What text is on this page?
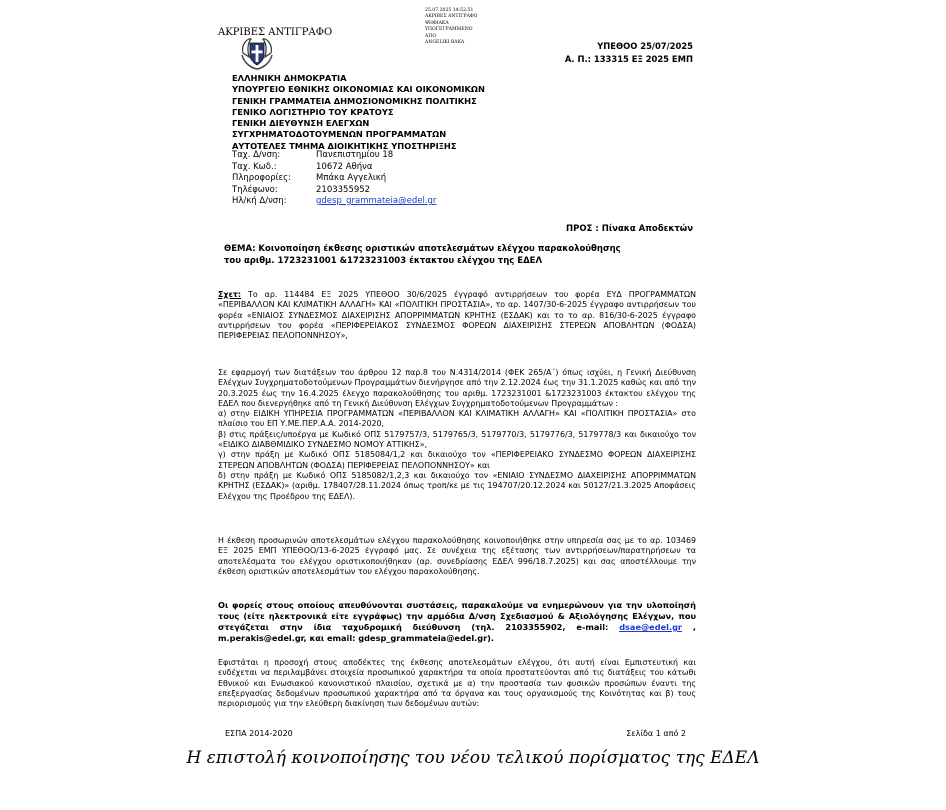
ΑΚΡΙΒΕΣ ΑΝΤΙΓΡΑΦΟ
25.07.2025 14:52:51
ΑΚΡΙΒΕΣ ΑΝΤΙΓΡΑΦΟ
ΨΗΦΙΑΚΑ
ΥΠΟΓΕΓΡΑΜΜΕΝΟ
ΑΠΟ
ANGELIKI BAKA	ΥΠΕΘΟΟ 25/07/2025
Α. Π.: 133315 ΕΞ 2025 ΕΜΠ
ΕΛΛΗΝΙΚΗ ΔΗΜΟΚΡΑΤΙΑ
ΥΠΟΥΡΓΕΙΟ ΕΘΝΙΚΗΣ ΟΙΚΟΝΟΜΙΑΣ ΚΑΙ ΟΙΚΟΝΟΜΙΚΩΝ
ΓΕΝΙΚΗ ΓΡΑΜΜΑΤΕΙΑ ΔΗΜΟΣΙΟΝΟΜΙΚΗΣ ΠΟΛΙΤΙΚΗΣ
ΓΕΝΙΚΟ ΛΟΓΙΣΤΗΡΙΟ ΤΟΥ ΚΡΑΤΟΥΣ
ΓΕΝΙΚΗ ΔΙΕΥΘΥΝΣΗ ΕΛΕΓΧΩΝ
ΣΥΓΧΡΗΜΑΤΟΔΟΤΟΥΜΕΝΩΝ ΠΡΟΓΡΑΜΜΑΤΩΝ
ΑΥΤΟΤΕΛΕΣ ΤΜΗΜΑ ΔΙΟΙΚΗΤΙΚΗΣ ΥΠΟΣΤΗΡΙΞΗΣ
Ταχ. Δ/νση:	Πανεπιστημίου 18
Ταχ. Κωδ.:	10672 Αθήνα
Πληροφορίες:	Μπάκα Αγγελική
Τηλέφωνο:	2103355952
Ηλ/κή Δ/νση:	gdesp_grammateia@edel.gr
ΠΡΟΣ : Πίνακα Αποδεκτών
ΘΕΜΑ: Κοινοποίηση έκθεσης οριστικών αποτελεσμάτων ελέγχου παρακολούθησης
του αριθμ. 1723231001 &1723231003 έκτακτου ελέγχου της ΕΔΕΛ

Σχετ: Το αρ. 114484 ΕΞ 2025 ΥΠΕΘΟΟ 30/6/2025 έγγραφό αντιρρήσεων του φορέα ΕΥΔ ΠΡΟΓΡΑΜΜΑΤΩΝ «ΠΕΡΙΒΑΛΛΟΝ ΚΑΙ ΚΛΙΜΑΤΙΚΗ ΑΛΛΑΓΗ» ΚΑΙ «ΠΟΛΙΤΙΚΗ ΠΡΟΣΤΑΣΙΑ», το αρ. 1407/30-6-2025 έγγραφο αντιρρήσεων του φορέα «ΕΝΙΑΙΟΣ ΣΥΝΔΕΣΜΟΣ ΔΙΑΧΕΙΡΙΣΗΣ ΑΠΟΡΡΙΜΜΑΤΩΝ ΚΡΗΤΗΣ (ΕΣΔΑΚ) και το το αρ. 816/30-6-2025 έγγραφο αντιρρήσεων του φορέα «ΠΕΡΙΦΕΡΕΙΑΚΟΣ ΣΥΝΔΕΣΜΟΣ ΦΟΡΕΩΝ ΔΙΑΧΕΙΡΙΣΗΣ ΣΤΕΡΕΩΝ ΑΠΟΒΛΗΤΩΝ (ΦΟΔΣΑ) ΠΕΡΙΦΕΡΕΙΑΣ ΠΕΛΟΠΟΝΝΗΣΟΥ»,

Σε εφαρμογή των διατάξεων του άρθρου 12 παρ.8 του Ν.4314/2014 (ΦΕΚ 265/Α΄) όπως ισχύει, η Γενική Διεύθυνση Ελέγχων Συγχρηματοδοτούμενων Προγραμμάτων διενήργησε από την 2.12.2024 έως την 31.1.2025 καθώς και από την 20.3.2025 έως την 16.4.2025 έλεγχο παρακολούθησης του αριθμ. 1723231001 &1723231003 έκτακτου ελέγχου της ΕΔΕΛ που διενεργήθηκε από τη Γενική Διεύθυνση Ελέγχων Συγχρηματοδοτούμενων Προγραμμάτων :

α) στην ΕΙΔΙΚΗ ΥΠΗΡΕΣΙΑ ΠΡΟΓΡΑΜΜΑΤΩΝ «ΠΕΡΙΒΑΛΛΟΝ ΚΑΙ ΚΛΙΜΑΤΙΚΗ ΑΛΛΑΓΗ» ΚΑΙ «ΠΟΛΙΤΙΚΗ ΠΡΟΣΤΑΣΙΑ» στο πλαίσιο του ΕΠ Υ.ΜΕ.ΠΕΡ.Α.Α. 2014-2020,

β) στις πράξεις/υποέργα με Κωδικό ΟΠΣ 5179757/3, 5179765/3, 5179770/3, 5179776/3, 5179778/3 και δικαιούχο τον «ΕΙΔΙΚΟ ΔΙΑΒΘΜΙΔΙΚΟ ΣΥΝΔΕΣΜΟ ΝΟΜΟΥ ΑΤΤΙΚΗΣ»,

γ) στην πράξη με Κωδικό ΟΠΣ 5185084/1,2 και δικαιούχο τον «ΠΕΡΙΦΕΡΕΙΑΚΟ ΣΥΝΔΕΣΜΟ ΦΟΡΕΩΝ ΔΙΑΧΕΙΡΙΣΗΣ ΣΤΕΡΕΩΝ ΑΠΟΒΛΗΤΩΝ (ΦΟΔΣΑ) ΠΕΡΙΦΕΡΕΙΑΣ ΠΕΛΟΠΟΝΝΗΣΟΥ» και

δ) στην πράξη με Κωδικό ΟΠΣ 5185082/1,2,3 και δικαιούχο τον «ΕΝΙΑΙΟ ΣΥΝΔΕΣΜΟ ΔΙΑΧΕΙΡΙΣΗΣ ΑΠΟΡΡΙΜΜΑΤΩΝ ΚΡΗΤΗΣ (ΕΣΔΑΚ)» (αριθμ. 178407/28.11.2024 όπως τροπ/κε με τις 194707/20.12.2024 και 50127/21.3.2025 Αποφάσεις Ελέγχου της Προέδρου της ΕΔΕΛ).

Η έκθεση προσωρινών αποτελεσμάτων ελέγχου παρακολούθησης κοινοποιήθηκε στην υπηρεσία σας με το αρ. 103469 ΕΞ 2025 ΕΜΠ ΥΠΕΘΟΟ/13-6-2025 έγγραφό μας. Σε συνέχεια της εξέτασης των αντιρρήσεων/παρατηρήσεων τα αποτελέσματα του ελέγχου οριστικοποιήθηκαν (αρ. συνεδρίασης ΕΔΕΛ 996/18.7.2025) και σας αποστέλλουμε την έκθεση οριστικών αποτελεσμάτων του ελέγχου παρακολούθησης.
Οι φορείς στους οποίους απευθύνονται συστάσεις, παρακαλούμε να ενημερώνουν για την υλοποίησή τους (είτε ηλεκτρονικά είτε εγγράφως) την αρμόδια Δ/νση Σχεδιασμού & Αξιολόγησης Ελέγχων, που στεγάζεται στην ίδια ταχυδρομική διεύθυνση (τηλ. 2103355902, e-mail: dsae@edel.gr , m.perakis@edel.gr, και email: gdesp_grammateia@edel.gr).
Εφιστάται η προσοχή στους αποδέκτες της έκθεσης αποτελεσμάτων ελέγχου, ότι αυτή είναι Εμπιστευτική και ενδέχεται να περιλαμβάνει στοιχεία προσωπικού χαρακτήρα τα οποία προστατεύονται από τις διατάξεις του κάτωθι Εθνικού και Ενωσιακού κανονιστικού πλαισίου, σχετικά με α) την προστασία των φυσικών προσώπων έναντι της επεξεργασίας δεδομένων προσωπικού χαρακτήρα από τα όργανα και τους οργανισμούς της Κοινότητας και β) τους περιορισμούς για την ελεύθερη διακίνηση των δεδομένων αυτών:
ΕΣΠΑ 2014-2020	Σελίδα 1 από 2
Η επιστολή κοινοποίησης του νέου τελικού πορίσματος της ΕΔΕΛ
